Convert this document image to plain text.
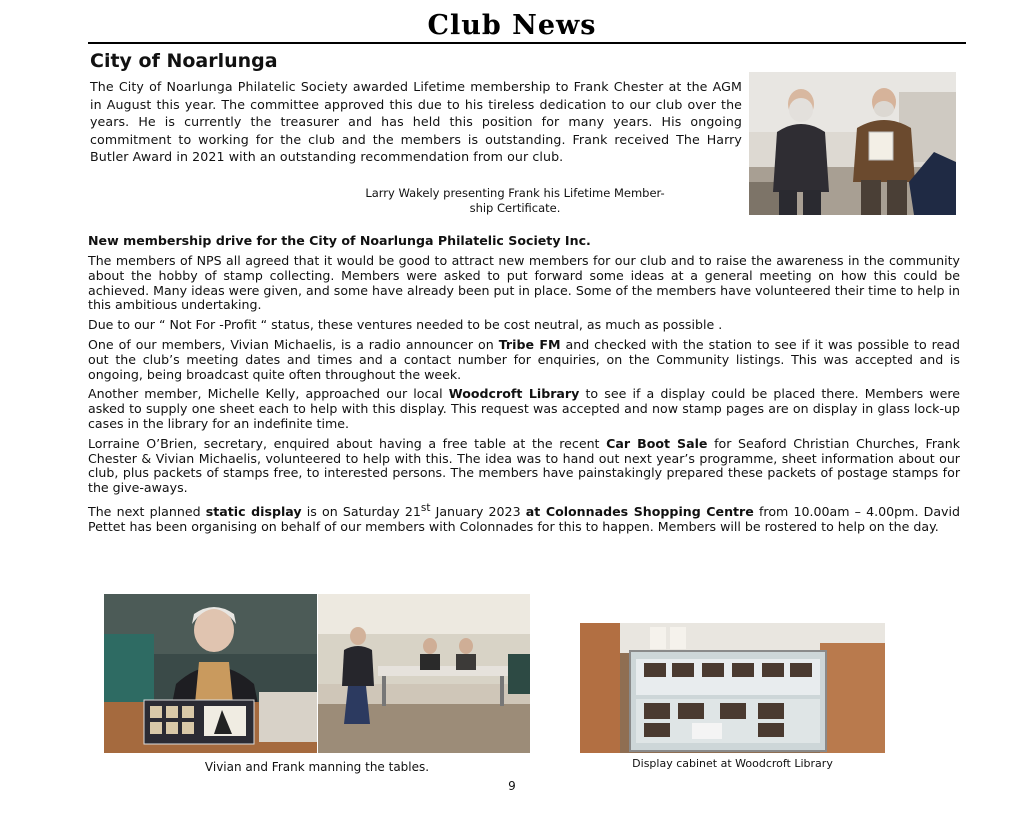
Club News
City of Noarlunga

The City of Noarlunga Philatelic Society awarded Lifetime membership to Frank Chester at the AGM in August this year. The committee approved this due to his tireless dedication to our club over the years. He is currently the treasurer and has held this position for many years. His ongoing commitment to working for the club and the members is outstanding. Frank received The Harry Butler Award in 2021 with an outstanding recommendation from our club.

Larry Wakely presenting Frank his Lifetime Member-
ship Certificate.
New membership drive for the City of Noarlunga Philatelic Society Inc.

The members of NPS all agreed that it would be good to attract new members for our club and to raise the awareness in the community about the hobby of stamp collecting. Members were asked to put forward some ideas at a general meeting on how this could be achieved. Many ideas were given, and some have already been put in place. Some of the members have volunteered their time to help in this ambitious undertaking.

Due to our “ Not For -Profit “ status, these ventures needed to be cost neutral, as much as possible .

One of our members, Vivian Michaelis, is a radio announcer on Tribe FM and checked with the station to see if it was possible to read out the club’s meeting dates and times and a contact number for enquiries, on the Community listings. This was accepted and is ongoing, being broadcast quite often throughout the week.

Another member, Michelle Kelly, approached our local Woodcroft Library to see if a display could be placed there. Members were asked to supply one sheet each to help with this display. This request was accepted and now stamp pages are on display in glass lock-up cases in the library for an indefinite time.

Lorraine O’Brien, secretary, enquired about having a free table at the recent Car Boot Sale for Seaford Christian Churches, Frank Chester & Vivian Michaelis, volunteered to help with this. The idea was to hand out next year’s programme, sheet information about our club, plus packets of stamps free, to interested persons. The members have painstakingly prepared these packets of postage stamps for the give-aways.

The next planned static display is on Saturday 21st January 2023 at Colonnades Shopping Centre from 10.00am – 4.00pm. David Pettet has been organising on behalf of our members with Colonnades for this to happen. Members will be rostered to help on the day.

Vivian and Frank manning the tables.	Display cabinet at Woodcroft Library
9
